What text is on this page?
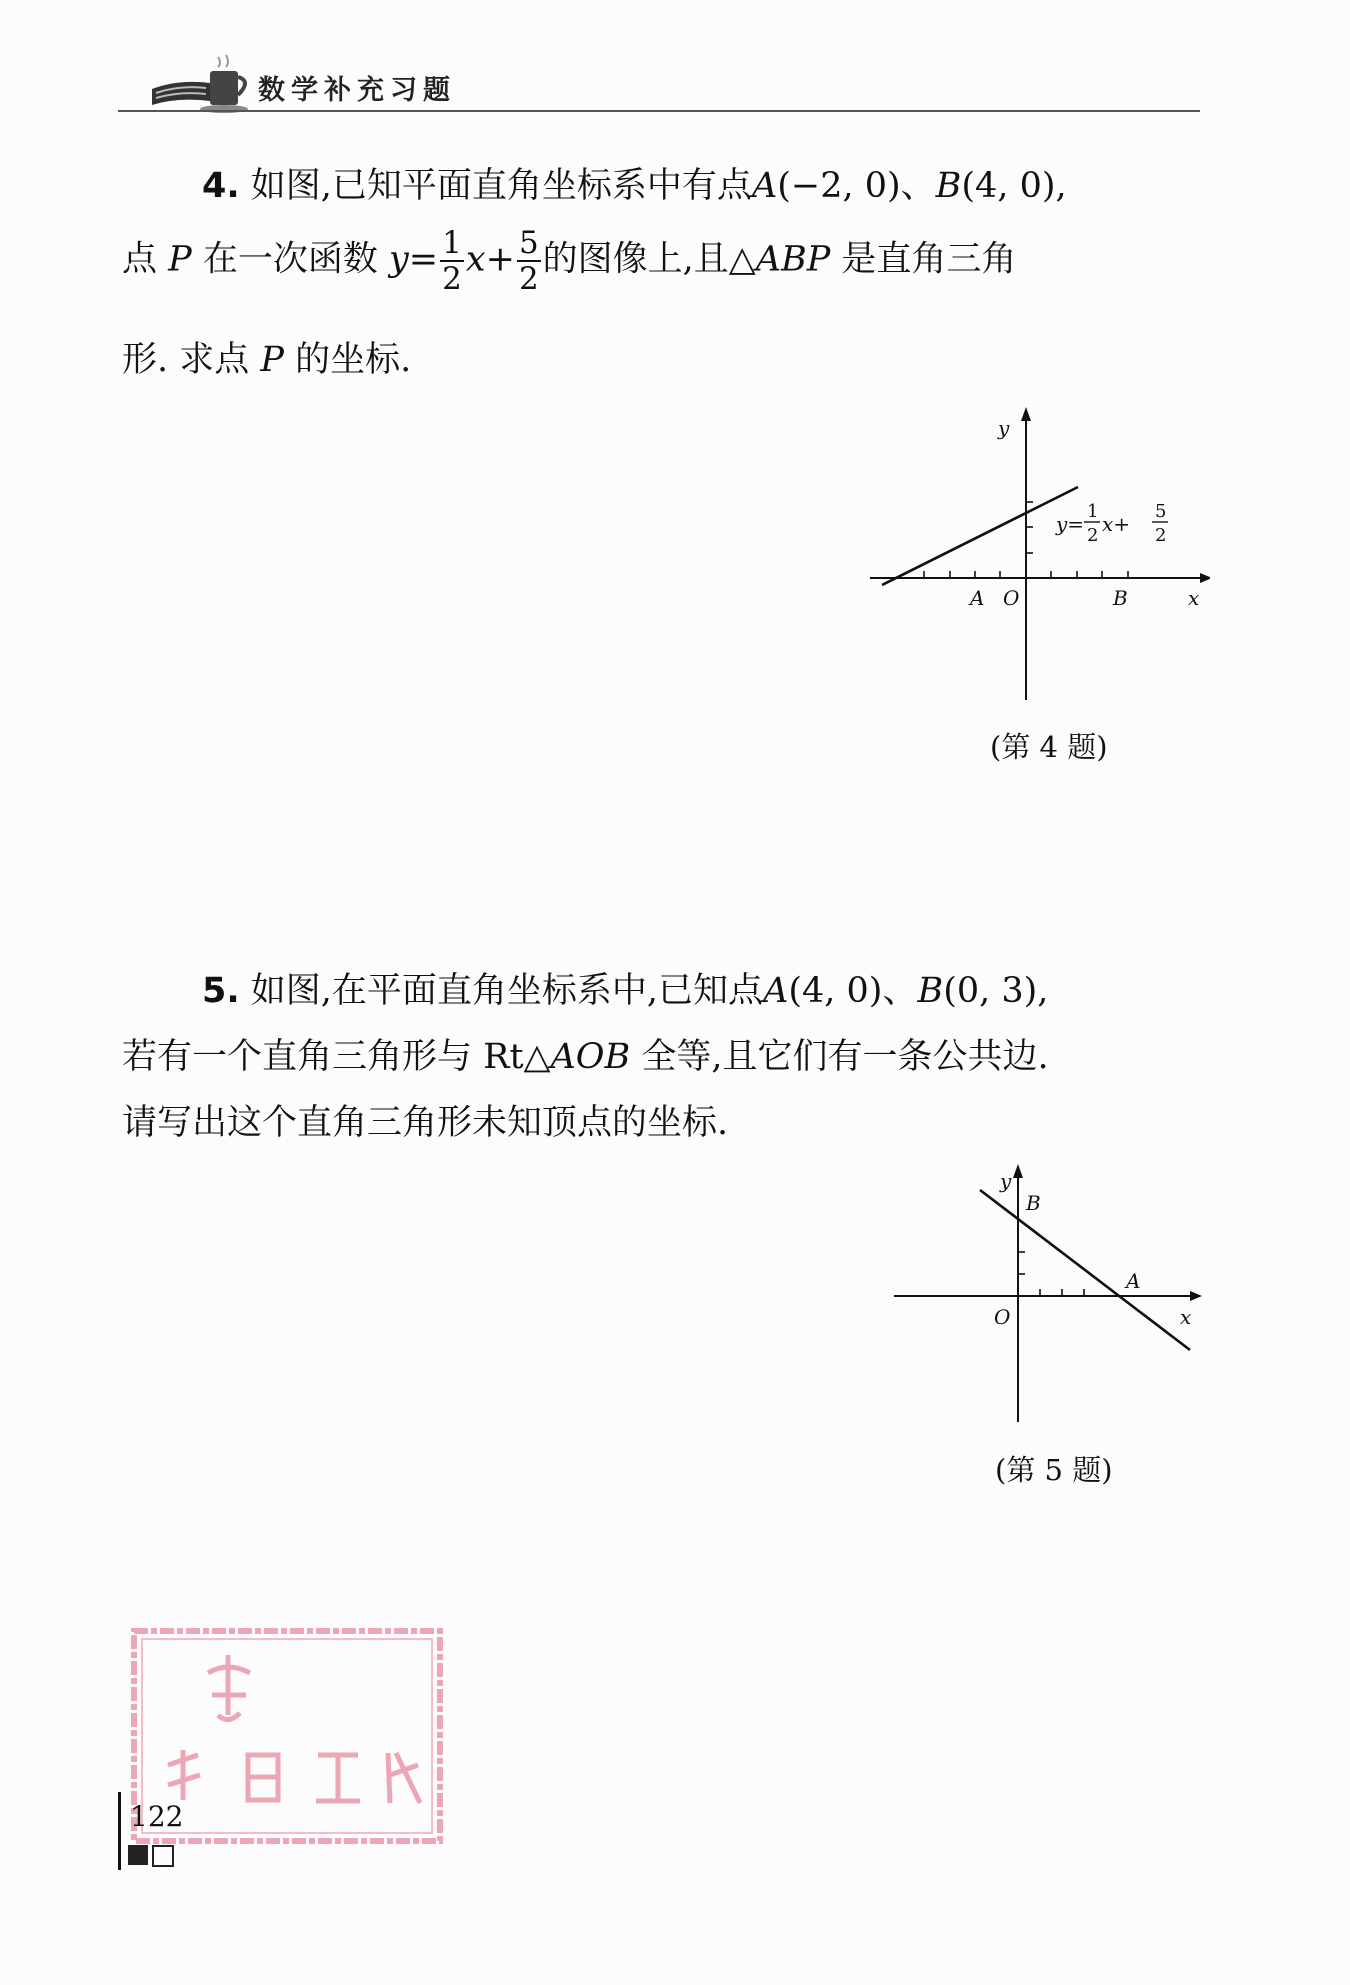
数学补充习题
4. 如图,已知平面直角坐标系中有点A(−2, 0)、B(4, 0),
点 P 在一次函数 $y= \frac{1}{2} x+ \frac{5}{2}$ 的图像上,且△ABP 是直角三角
形. 求点 P 的坐标.
y
x
O
A	B
y=
1
2 x+
5
2
(第 4 题)
5. 如图,在平面直角坐标系中,已知点A(4, 0)、B(0, 3),
若有一个直角三角形与 Rt△AOB 全等,且它们有一条公共边.
请写出这个直角三角形未知顶点的坐标.
y
x
O
B
A
(第 5 题)
122
